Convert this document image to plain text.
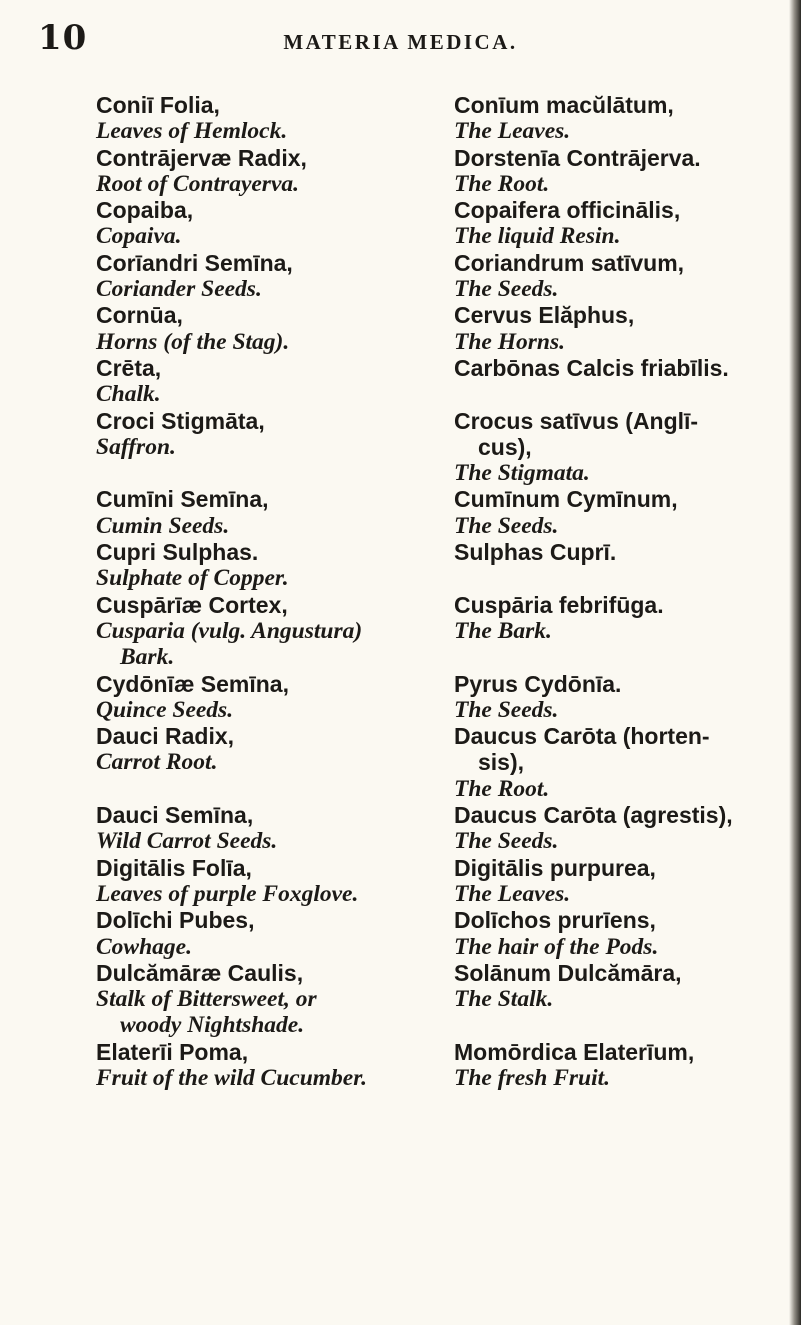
10	MATERIA MEDICA.
Coniī Folia,
Leaves of Hemlock.
Contrājervæ Radix,
Root of Contrayerva.
Copaiba,
Copaiva.
Corīandri Semīna,
Coriander Seeds.
Cornūa,
Horns (of the Stag).
Crēta,
Chalk.
Croci Stigmāta,
Saffron.
Cumīni Semīna,
Cumin Seeds.
Cupri Sulphas.
Sulphate of Copper.
Cuspārīæ Cortex,
Cusparia (vulg. Angustura)
Bark.
Cydōnīæ Semīna,
Quince Seeds.
Dauci Radix,
Carrot Root.
Dauci Semīna,
Wild Carrot Seeds.
Digitālis Folīa,
Leaves of purple Foxglove.
Dolīchi Pubes,
Cowhage.
Dulcămāræ Caulis,
Stalk of Bittersweet, or
woody Nightshade.
Elaterīi Poma,
Fruit of the wild Cucumber.
Conīum macŭlātum,
The Leaves.
Dorstenīa Contrājerva.
The Root.
Copaifera officinālis,
The liquid Resin.
Coriandrum satīvum,
The Seeds.
Cervus Elăphus,
The Horns.
Carbōnas Calcis friabīlis.
Crocus satīvus (Anglī-
cus),
The Stigmata.
Cumīnum Cymīnum,
The Seeds.
Sulphas Cuprī.
Cuspāria febrifūga.
The Bark.
Pyrus Cydōnīa.
The Seeds.
Daucus Carōta (horten-
sis),
The Root.
Daucus Carōta (agrestis),
The Seeds.
Digitālis purpurea,
The Leaves.
Dolīchos prurīens,
The hair of the Pods.
Solānum Dulcămāra,
The Stalk.
Momōrdica Elaterīum,
The fresh Fruit.
